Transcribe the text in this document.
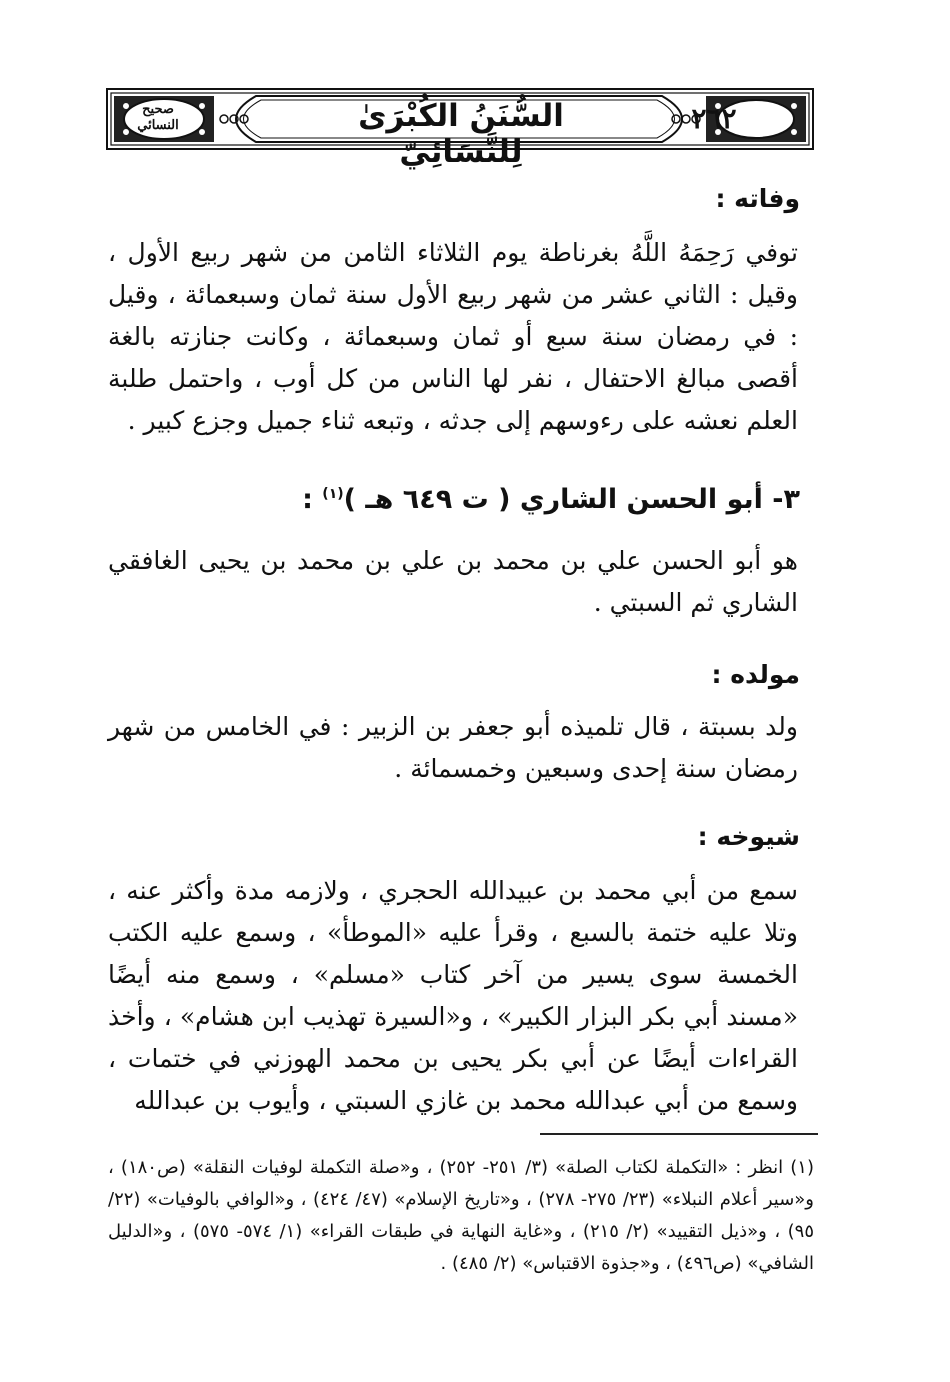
صحيح النسائي	السُّنَنُ الكُبْرَىٰ لِلنَّسَائِيّ
٢٦٢
وفاته :
توفي رَحِمَهُ اللَّهُ بغرناطة يوم الثلاثاء الثامن من شهر ربيع الأول ، وقيل : الثاني عشر من شهر ربيع الأول سنة ثمان وسبعمائة ، وقيل : في رمضان سنة سبع أو ثمان وسبعمائة ، وكانت جنازته بالغة أقصى مبالغ الاحتفال ، نفر لها الناس من كل أوب ، واحتمل طلبة العلم نعشه على رءوسهم إلى جدثه ، وتبعه ثناء جميل وجزع كبير .
٣- أبو الحسن الشاري ( ت ٦٤٩ هـ )$^{(١)}$ :
هو أبو الحسن علي بن محمد بن علي بن محمد بن يحيى الغافقي الشاري ثم السبتي .
مولده :
ولد بسبتة ، قال تلميذه أبو جعفر بن الزبير : في الخامس من شهر رمضان سنة إحدى وسبعين وخمسمائة .
شيوخه :
سمع من أبي محمد بن عبيدالله الحجري ، ولازمه مدة وأكثر عنه ، وتلا عليه ختمة بالسبع ، وقرأ عليه «الموطأ» ، وسمع عليه الكتب الخمسة سوى يسير من آخر كتاب «مسلم» ، وسمع منه أيضًا «مسند أبي بكر البزار الكبير» ، و«السيرة تهذيب ابن هشام» ، وأخذ القراءات أيضًا عن أبي بكر يحيى بن محمد الهوزني في ختمات ، وسمع من أبي عبدالله محمد بن غازي السبتي ، وأيوب بن عبدالله
(١) انظر : «التكملة لكتاب الصلة» (٣/ ٢٥١- ٢٥٢) ، و«صلة التكملة لوفيات النقلة» (ص١٨٠) ، و«سير أعلام النبلاء» (٢٣/ ٢٧٥- ٢٧٨) ، و«تاريخ الإسلام» (٤٧/ ٤٢٤) ، و«الوافي بالوفيات» (٢٢/ ٩٥) ، و«ذيل التقييد» (٢/ ٢١٥) ، و«غاية النهاية في طبقات القراء» (١/ ٥٧٤- ٥٧٥) ، و«الدليل الشافي» (ص٤٩٦) ، و«جذوة الاقتباس» (٢/ ٤٨٥) .
